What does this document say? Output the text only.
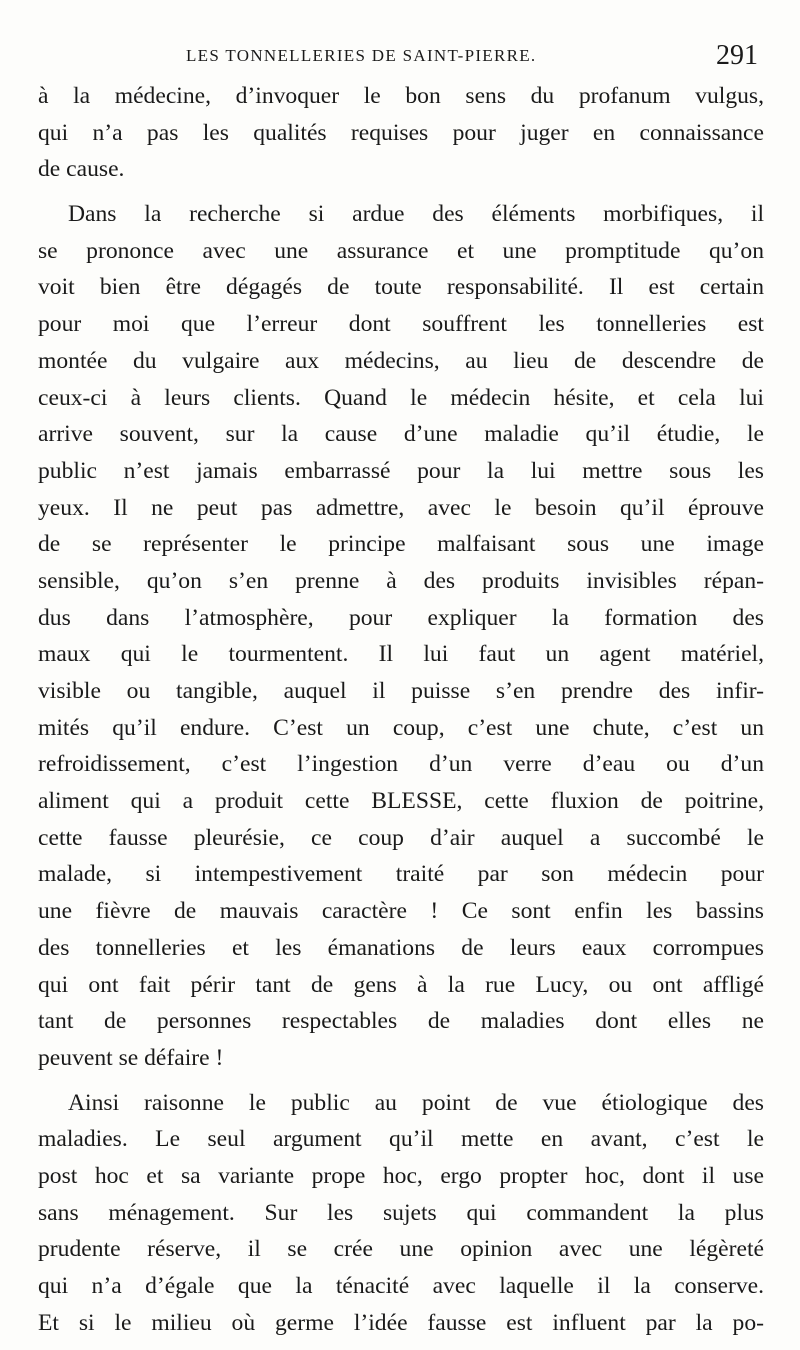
LES TONNELLERIES DE SAINT-PIERRE.	291
à la médecine, d’invoquer le bon sens du profanum vulgus,
qui n’a pas les qualités requises pour juger en connaissance
de cause.
Dans la recherche si ardue des éléments morbifiques, il
se prononce avec une assurance et une promptitude qu’on
voit bien être dégagés de toute responsabilité. Il est certain
pour moi que l’erreur dont souffrent les tonnelleries est
montée du vulgaire aux médecins, au lieu de descendre de
ceux-ci à leurs clients. Quand le médecin hésite, et cela lui
arrive souvent, sur la cause d’une maladie qu’il étudie, le
public n’est jamais embarrassé pour la lui mettre sous les
yeux. Il ne peut pas admettre, avec le besoin qu’il éprouve
de se représenter le principe malfaisant sous une image
sensible, qu’on s’en prenne à des produits invisibles répan-
dus dans l’atmosphère, pour expliquer la formation des
maux qui le tourmentent. Il lui faut un agent matériel,
visible ou tangible, auquel il puisse s’en prendre des infir-
mités qu’il endure. C’est un coup, c’est une chute, c’est un
refroidissement, c’est l’ingestion d’un verre d’eau ou d’un
aliment qui a produit cette BLESSE, cette fluxion de poitrine,
cette fausse pleurésie, ce coup d’air auquel a succombé le
malade, si intempestivement traité par son médecin pour
une fièvre de mauvais caractère ! Ce sont enfin les bassins
des tonnelleries et les émanations de leurs eaux corrompues
qui ont fait périr tant de gens à la rue Lucy, ou ont affligé
tant de personnes respectables de maladies dont elles ne
peuvent se défaire !
Ainsi raisonne le public au point de vue étiologique des
maladies. Le seul argument qu’il mette en avant, c’est le
post hoc et sa variante prope hoc, ergo propter hoc, dont il use
sans ménagement. Sur les sujets qui commandent la plus
prudente réserve, il se crée une opinion avec une légèreté
qui n’a d’égale que la ténacité avec laquelle il la conserve.
Et si le milieu où germe l’idée fausse est influent par la po-
